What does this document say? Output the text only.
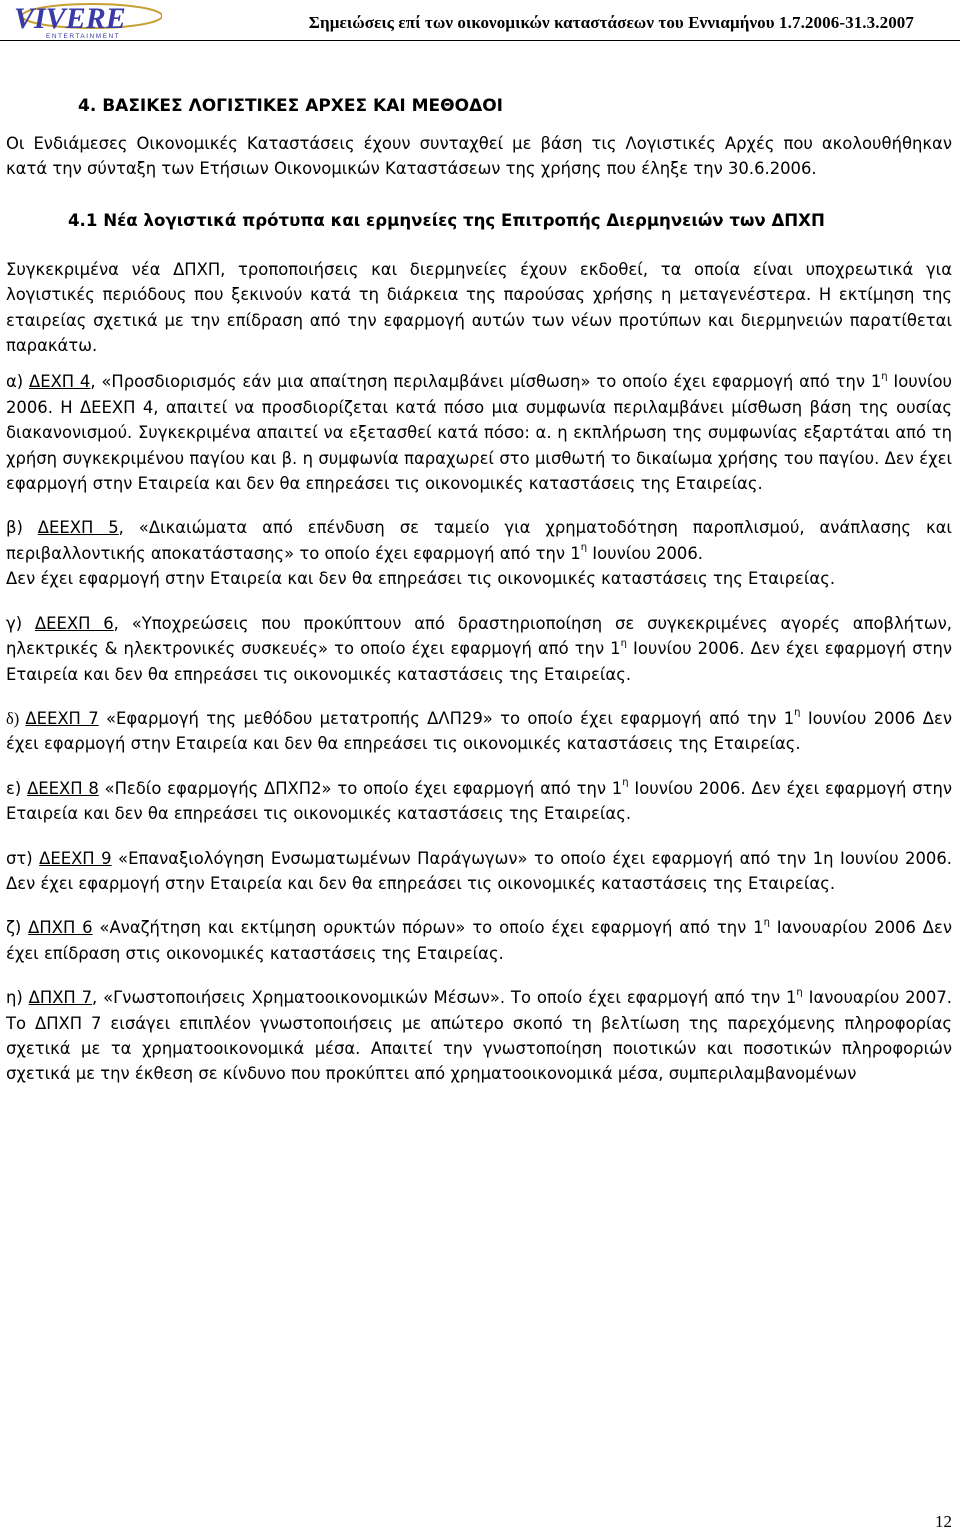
VIVERE
ENTERTAINMENT
Σημειώσεις επί των οικονομικών καταστάσεων του Εννιαμήνου 1.7.2006-31.3.2007

4. ΒΑΣΙΚΕΣ ΛΟΓΙΣΤΙΚΕΣ ΑΡΧΕΣ ΚΑΙ ΜΕΘΟΔΟΙ

Οι Ενδιάμεσες Οικονομικές Καταστάσεις έχουν συνταχθεί με βάση τις Λογιστικές Αρχές που ακολουθήθηκαν κατά την σύνταξη των Ετήσιων Οικονομικών Καταστάσεων της χρήσης που έληξε την 30.6.2006.

4.1 Νέα λογιστικά πρότυπα και ερμηνείες της Επιτροπής Διερμηνειών των ΔΠΧΠ

Συγκεκριμένα νέα ΔΠΧΠ, τροποποιήσεις και διερμηνείες έχουν εκδοθεί, τα οποία είναι υποχρεωτικά για λογιστικές περιόδους που ξεκινούν κατά τη διάρκεια της παρούσας χρήσης η μεταγενέστερα. Η εκτίμηση της εταιρείας σχετικά με την επίδραση από την εφαρμογή αυτών των νέων προτύπων και διερμηνειών παρατίθεται παρακάτω.

α) ΔΕΧΠ 4, «Προσδιορισμός εάν μια απαίτηση περιλαμβάνει μίσθωση» το οποίο έχει εφαρμογή από την $1^\eta$ Ιουνίου 2006. Η ΔΕΕΧΠ 4, απαιτεί να προσδιορίζεται κατά πόσο μια συμφωνία περιλαμβάνει μίσθωση βάση της ουσίας διακανονισμού. Συγκεκριμένα απαιτεί να εξετασθεί κατά πόσο: α. η εκπλήρωση της συμφωνίας εξαρτάται από τη χρήση συγκεκριμένου παγίου και β. η συμφωνία παραχωρεί στο μισθωτή το δικαίωμα χρήσης του παγίου. Δεν έχει εφαρμογή στην Εταιρεία και δεν θα επηρεάσει τις οικονομικές καταστάσεις της Εταιρείας.

β) ΔΕΕΧΠ 5, «Δικαιώματα από επένδυση σε ταμείο για χρηματοδότηση παροπλισμού, ανάπλασης και περιβαλλοντικής αποκατάστασης» το οποίο έχει εφαρμογή από την $1^\eta$ Ιουνίου 2006.
Δεν έχει εφαρμογή στην Εταιρεία και δεν θα επηρεάσει τις οικονομικές καταστάσεις της Εταιρείας.

γ) ΔΕΕΧΠ 6, «Υποχρεώσεις που προκύπτουν από δραστηριοποίηση σε συγκεκριμένες αγορές αποβλήτων, ηλεκτρικές & ηλεκτρονικές συσκευές» το οποίο έχει εφαρμογή από την $1^\eta$ Ιουνίου 2006. Δεν έχει εφαρμογή στην Εταιρεία και δεν θα επηρεάσει τις οικονομικές καταστάσεις της Εταιρείας.

δ) ΔΕΕΧΠ 7 «Εφαρμογή της μεθόδου μετατροπής ΔΛΠ29» το οποίο έχει εφαρμογή από την $1^\eta$ Ιουνίου 2006 Δεν έχει εφαρμογή στην Εταιρεία και δεν θα επηρεάσει τις οικονομικές καταστάσεις της Εταιρείας.

ε) ΔΕΕΧΠ 8 «Πεδίο εφαρμογής ΔΠΧΠ2» το οποίο έχει εφαρμογή από την $1^\eta$ Ιουνίου 2006. Δεν έχει εφαρμογή στην Εταιρεία και δεν θα επηρεάσει τις οικονομικές καταστάσεις της Εταιρείας.

στ) ΔΕΕΧΠ 9 «Επαναξιολόγηση Ενσωματωμένων Παράγωγων» το οποίο έχει εφαρμογή από την 1η Ιουνίου 2006. Δεν έχει εφαρμογή στην Εταιρεία και δεν θα επηρεάσει τις οικονομικές καταστάσεις της Εταιρείας.

ζ) ΔΠΧΠ 6 «Αναζήτηση και εκτίμηση ορυκτών πόρων» το οποίο έχει εφαρμογή από την $1^\eta$ Ιανουαρίου 2006 Δεν έχει επίδραση στις οικονομικές καταστάσεις της Εταιρείας.

η) ΔΠΧΠ 7, «Γνωστοποιήσεις Χρηματοοικονομικών Μέσων». Το οποίο έχει εφαρμογή από την $1^\eta$ Ιανουαρίου 2007. Το ΔΠΧΠ 7 εισάγει επιπλέον γνωστοποιήσεις με απώτερο σκοπό τη βελτίωση της παρεχόμενης πληροφορίας σχετικά με τα χρηματοοικονομικά μέσα. Απαιτεί την γνωστοποίηση ποιοτικών και ποσοτικών πληροφοριών σχετικά με την έκθεση σε κίνδυνο που προκύπτει από χρηματοοικονομικά μέσα, συμπεριλαμβανομένων

12
